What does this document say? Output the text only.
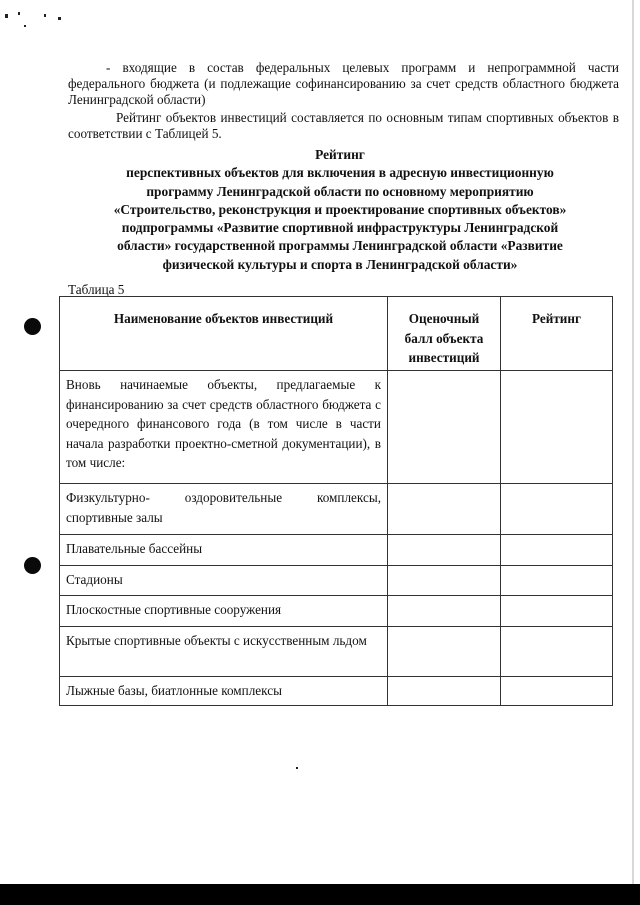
- входящие в состав федеральных целевых программ и непрограммной части федерального бюджета (и подлежащие софинансированию за счет средств областного бюджета Ленинградской области)

Рейтинг объектов инвестиций составляется по основным типам спортивных объектов в соответствии с Таблицей 5.

Рейтинг
перспективных объектов для включения в адресную инвестиционную
программу Ленинградской области по основному мероприятию
«Строительство, реконструкция и проектирование спортивных объектов»
подпрограммы «Развитие спортивной инфраструктуры Ленинградской
области» государственной программы Ленинградской области «Развитие
физической культуры и спорта в Ленинградской области»
Таблица 5
Наименование объектов инвестиций	Оценочный балл объекта инвестиций	Рейтинг
Вновь начинаемые объекты, предлагаемые к финансированию за счет средств областного бюджета с очередного финансового года (в том числе в части начала разработки проектно-сметной документации), в том числе:		
Физкультурно- оздоровительные комплексы, спортивные залы		
Плавательные бассейны		
Стадионы		
Плоскостные спортивные сооружения		
Крытые спортивные объекты с искусственным льдом		
Лыжные базы, биатлонные комплексы		
